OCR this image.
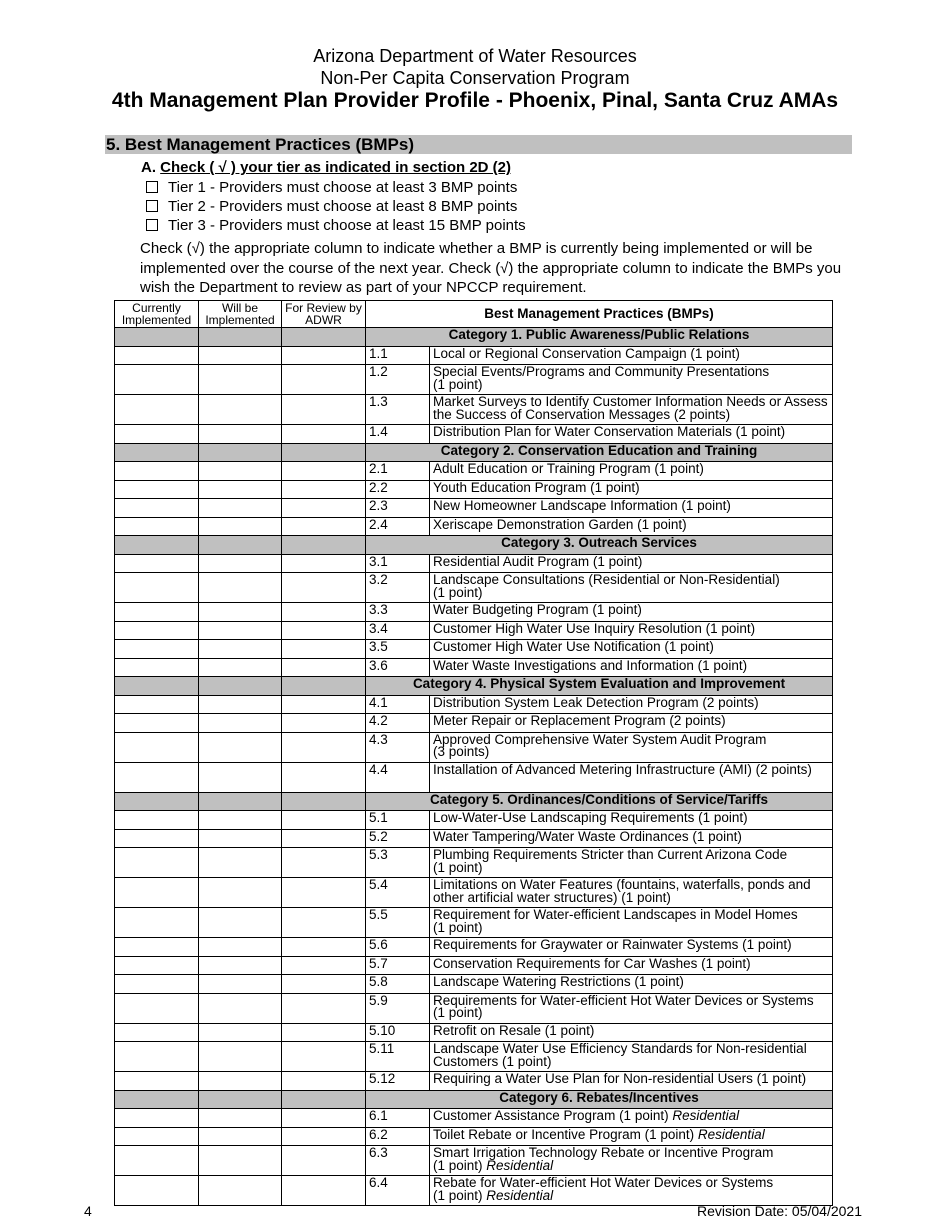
Arizona Department of Water Resources
Non-Per Capita Conservation Program
4th Management Plan Provider Profile - Phoenix, Pinal, Santa Cruz AMAs
5. Best Management Practices (BMPs)
A. Check ( √ ) your tier as indicated in section 2D (2)
Tier 1 - Providers must choose at least 3 BMP points
Tier 2 - Providers must choose at least 8 BMP points
Tier 3 - Providers must choose at least 15 BMP points
Check (√) the appropriate column to indicate whether a BMP is currently being implemented or will be implemented over the course of the next year. Check (√) the appropriate column to indicate the BMPs you wish the Department to review as part of your NPCCP requirement.
Currently Implemented	Will be Implemented	For Review by ADWR	Best Management Practices (BMPs)	
			Category 1. Public Awareness/Public Relations	
			1.1	Local or Regional Conservation Campaign (1 point)
			1.2	Special Events/Programs and Community Presentations
(1 point)
			1.3	Market Surveys to Identify Customer Information Needs or Assess the Success of Conservation Messages (2 points)
			1.4	Distribution Plan for Water Conservation Materials (1 point)
			Category 2. Conservation Education and Training	
			2.1	Adult Education or Training Program (1 point)
			2.2	Youth Education Program (1 point)
			2.3	New Homeowner Landscape Information (1 point)
			2.4	Xeriscape Demonstration Garden (1 point)
			Category 3. Outreach Services	
			3.1	Residential Audit Program (1 point)
			3.2	Landscape Consultations (Residential or Non-Residential)
(1 point)
			3.3	Water Budgeting Program (1 point)
			3.4	Customer High Water Use Inquiry Resolution (1 point)
			3.5	Customer High Water Use Notification (1 point)
			3.6	Water Waste Investigations and Information (1 point)
			Category 4. Physical System Evaluation and Improvement	
			4.1	Distribution System Leak Detection Program (2 points)
			4.2	Meter Repair or Replacement Program (2 points)
			4.3	Approved Comprehensive Water System Audit Program
(3 points)
			4.4	Installation of Advanced Metering Infrastructure (AMI) (2 points)
			Category 5. Ordinances/Conditions of Service/Tariffs	
			5.1	Low-Water-Use Landscaping Requirements (1 point)
			5.2	Water Tampering/Water Waste Ordinances (1 point)
			5.3	Plumbing Requirements Stricter than Current Arizona Code
(1 point)
			5.4	Limitations on Water Features (fountains, waterfalls, ponds and other artificial water structures) (1 point)
			5.5	Requirement for Water-efficient Landscapes in Model Homes
(1 point)
			5.6	Requirements for Graywater or Rainwater Systems (1 point)
			5.7	Conservation Requirements for Car Washes (1 point)
			5.8	Landscape Watering Restrictions (1 point)
			5.9	Requirements for Water-efficient Hot Water Devices or Systems
(1 point)
			5.10	Retrofit on Resale (1 point)
			5.11	Landscape Water Use Efficiency Standards for Non-residential Customers (1 point)
			5.12	Requiring a Water Use Plan for Non-residential Users (1 point)
			Category 6. Rebates/Incentives	
			6.1	Customer Assistance Program (1 point) Residential
			6.2	Toilet Rebate or Incentive Program (1 point) Residential
			6.3	Smart Irrigation Technology Rebate or Incentive Program
(1 point) Residential
			6.4	Rebate for Water-efficient Hot Water Devices or Systems
(1 point) Residential
4	Revision Date: 05/04/2021
